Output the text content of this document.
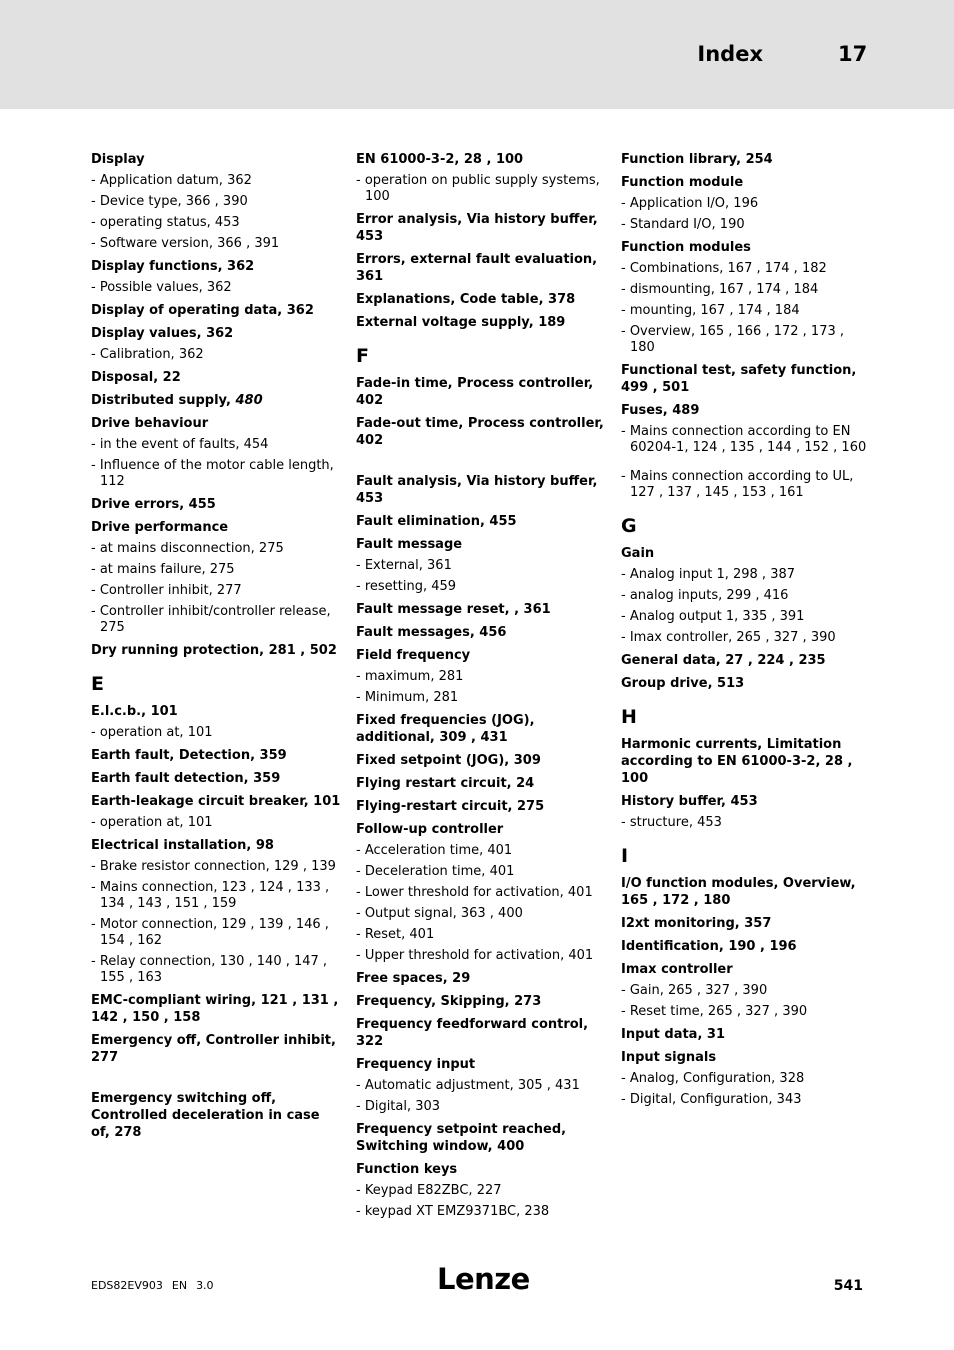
Index	17
Display
- Application datum, 362
- Device type, 366 , 390
- operating status, 453
- Software version, 366 , 391
Display functions, 362
- Possible values, 362
Display of operating data, 362
Display values, 362
- Calibration, 362
Disposal, 22
Distributed supply, 480
Drive behaviour
- in the event of faults, 454
- Influence of the motor cable length, 112
Drive errors, 455
Drive performance
- at mains disconnection, 275
- at mains failure, 275
- Controller inhibit, 277
- Controller inhibit/controller release, 275
Dry running protection, 281 , 502
E
E.l.c.b., 101
- operation at, 101
Earth fault, Detection, 359
Earth fault detection, 359
Earth-leakage circuit breaker, 101
- operation at, 101
Electrical installation, 98
- Brake resistor connection, 129 , 139
- Mains connection, 123 , 124 , 133 , 134 , 143 , 151 , 159
- Motor connection, 129 , 139 , 146 , 154 , 162
- Relay connection, 130 , 140 , 147 , 155 , 163
EMC-compliant wiring, 121 , 131 , 142 , 150 , 158
Emergency off, Controller inhibit, 277
Emergency switching off, Controlled deceleration in case of, 278
EN 61000-3-2, 28 , 100
- operation on public supply systems, 100
Error analysis, Via history buffer, 453
Errors, external fault evaluation, 361
Explanations, Code table, 378
External voltage supply, 189
F
Fade-in time, Process controller, 402
Fade-out time, Process controller, 402
Fault analysis, Via history buffer, 453
Fault elimination, 455
Fault message
- External, 361
- resetting, 459
Fault message reset, , 361
Fault messages, 456
Field frequency
- maximum, 281
- Minimum, 281
Fixed frequencies (JOG), additional, 309 , 431
Fixed setpoint (JOG), 309
Flying restart circuit, 24
Flying-restart circuit, 275
Follow-up controller
- Acceleration time, 401
- Deceleration time, 401
- Lower threshold for activation, 401
- Output signal, 363 , 400
- Reset, 401
- Upper threshold for activation, 401
Free spaces, 29
Frequency, Skipping, 273
Frequency feedforward control, 322
Frequency input
- Automatic adjustment, 305 , 431
- Digital, 303
Frequency setpoint reached, Switching window, 400
Function keys
- Keypad E82ZBC, 227
- keypad XT EMZ9371BC, 238
Function library, 254
Function module
- Application I/O, 196
- Standard I/O, 190
Function modules
- Combinations, 167 , 174 , 182
- dismounting, 167 , 174 , 184
- mounting, 167 , 174 , 184
- Overview, 165 , 166 , 172 , 173 , 180
Functional test, safety function, 499 , 501
Fuses, 489
- Mains connection according to EN 60204-1, 124 , 135 , 144 , 152 , 160
- Mains connection according to UL, 127 , 137 , 145 , 153 , 161
G
Gain
- Analog input 1, 298 , 387
- analog inputs, 299 , 416
- Analog output 1, 335 , 391
- Imax controller, 265 , 327 , 390
General data, 27 , 224 , 235
Group drive, 513
H
Harmonic currents, Limitation according to EN 61000-3-2, 28 , 100
History buffer, 453
- structure, 453
I
I/O function modules, Overview, 165 , 172 , 180
I2xt monitoring, 357
Identification, 190 , 196
Imax controller
- Gain, 265 , 327 , 390
- Reset time, 265 , 327 , 390
Input data, 31
Input signals
- Analog, Configuration, 328
- Digital, Configuration, 343
EDS82EV903 EN 3.0	Lenze	541
